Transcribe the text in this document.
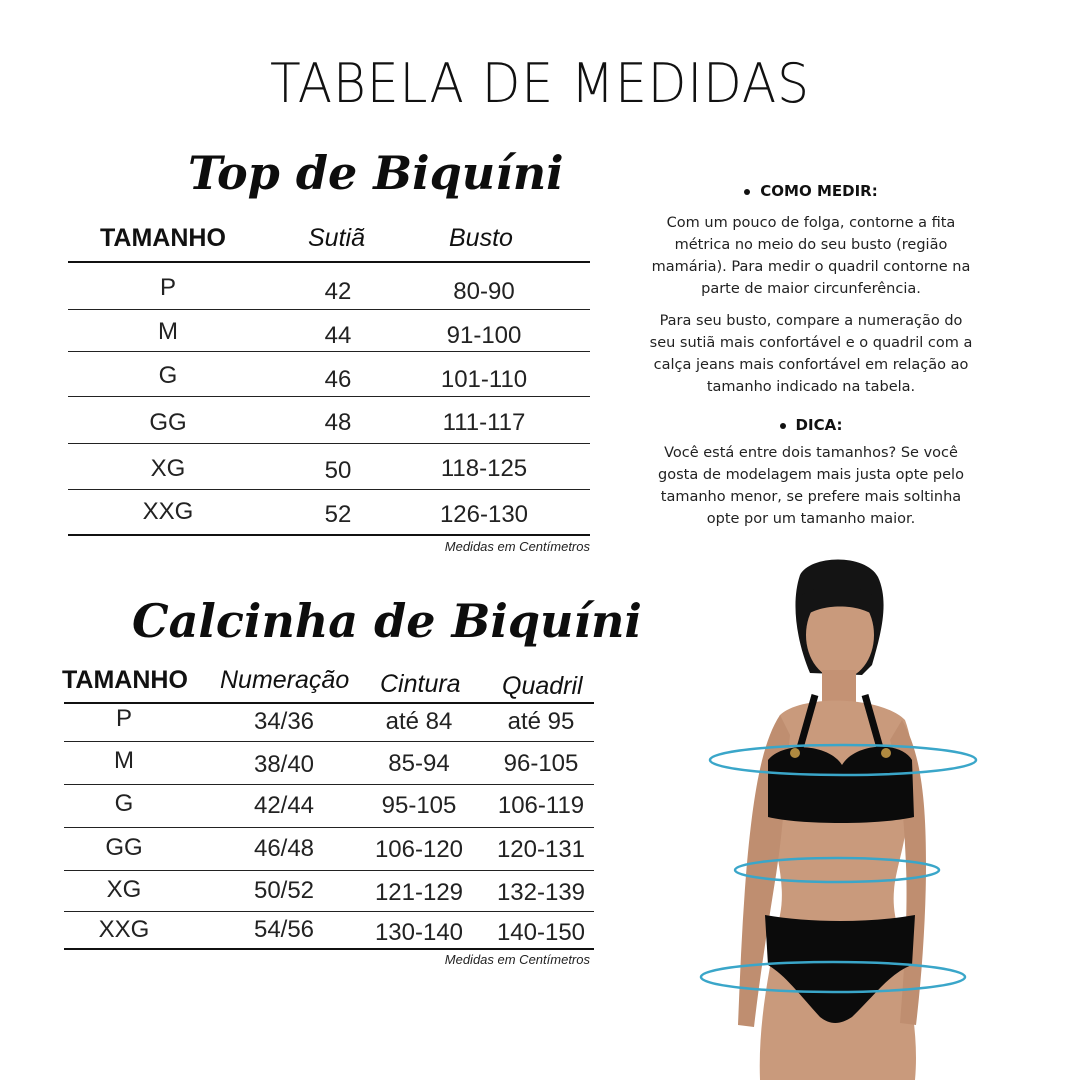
TABELA DE MEDIDAS
Top de Biquíni
TAMANHO	Sutiã	Busto
P	42	80-90
M	44	91-100
G	46	101-110
GG	48	111-117
XG	50	118-125
XXG	52	126-130
Medidas em Centímetros
Calcinha de Biquíni
TAMANHO Numeração Cintura Quadril
P	34/36	até 84	até 95
M	38/40	85-94	96-105
G	42/44	95-105	106-119
GG	46/48	106-120 120-131
XG	50/52	121-129 132-139
XXG	54/56	130-140 140-150
Medidas em Centímetros
COMO MEDIR:

Com um pouco de folga, contorne a fita métrica no meio do seu busto (região mamária). Para medir o quadril contorne na parte de maior circunferência.

Para seu busto, compare a numeração do seu sutiã mais confortável e o quadril com a calça jeans mais confortável em relação ao tamanho indicado na tabela.

DICA:

Você está entre dois tamanhos? Se você gosta de modelagem mais justa opte pelo tamanho menor, se prefere mais soltinha opte por um tamanho maior.
